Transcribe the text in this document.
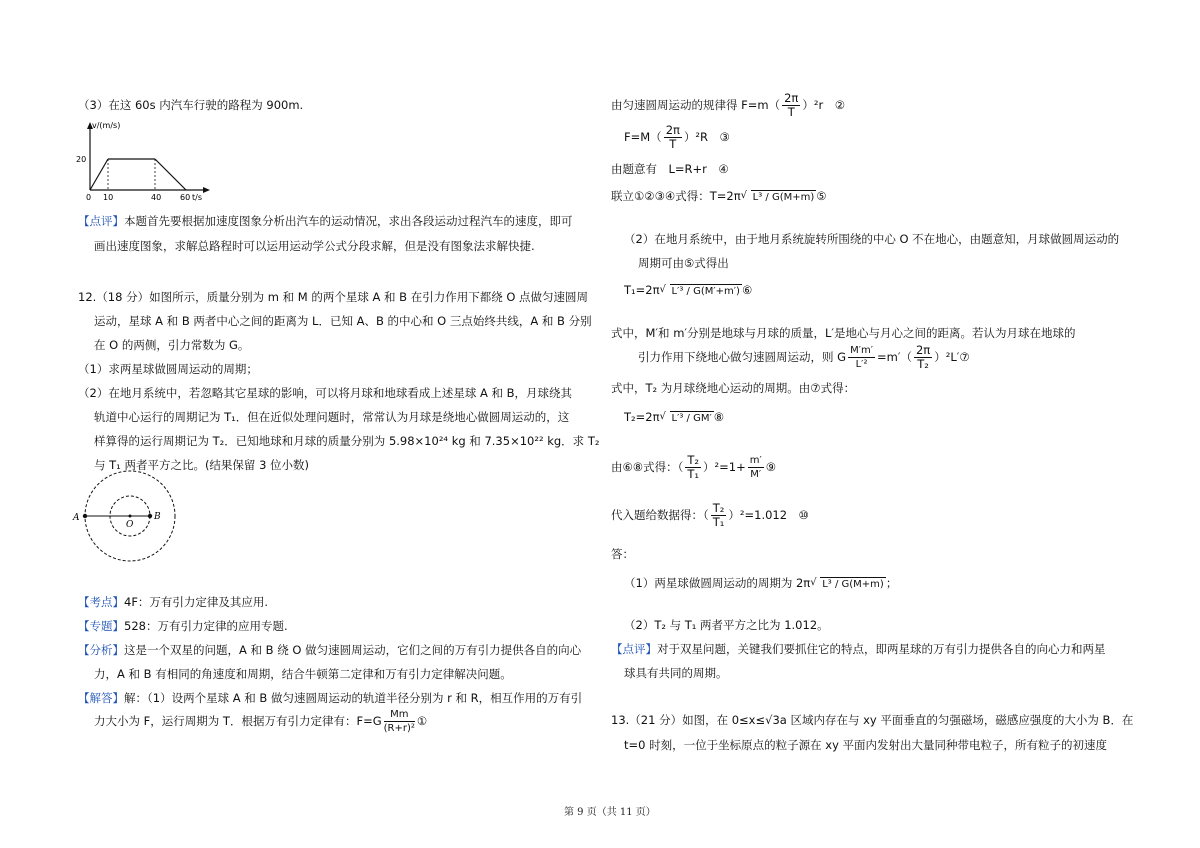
（3）在这 60s 内汽车行驶的路程为 900m.
v/(m/s)
20
0 10	40 60 t/s
【点评】本题首先要根据加速度图象分析出汽车的运动情况，求出各段运动过程汽车的速度，即可
画出速度图象，求解总路程时可以运用运动学公式分段求解，但是没有图象法求解快捷.
12.（18 分）如图所示，质量分别为 m 和 M 的两个星球 A 和 B 在引力作用下都绕 O 点做匀速圆周
运动，星球 A 和 B 两者中心之间的距离为 L．已知 A、B 的中心和 O 三点始终共线，A 和 B 分别
在 O 的两侧，引力常数为 G。
（1）求两星球做圆周运动的周期；
（2）在地月系统中，若忽略其它星球的影响，可以将月球和地球看成上述星球 A 和 B，月球绕其
轨道中心运行的周期记为 T₁．但在近似处理问题时，常常认为月球是绕地心做圆周运动的，这
样算得的运行周期记为 T₂．已知地球和月球的质量分别为 5.98×10²⁴ kg 和 7.35×10²² kg．求 T₂
与 T₁ 两者平方之比。(结果保留 3 位小数)
A
O
B
【考点】4F：万有引力定律及其应用.
【专题】528：万有引力定律的应用专题.
【分析】这是一个双星的问题，A 和 B 绕 O 做匀速圆周运动，它们之间的万有引力提供各自的向心
力，A 和 B 有相同的角速度和周期，结合牛顿第二定律和万有引力定律解决问题。
【解答】解：（1）设两个星球 A 和 B 做匀速圆周运动的轨道半径分别为 r 和 R，相互作用的万有引
力大小为 F，运行周期为 T．根据万有引力定律有：$F=G \frac{Mm}{\text{(R+r)²}}$ ①
由匀速圆周运动的规律得 $F=m( \frac{2\pi}{T} )^2r$　②
$F=M( \frac{2\pi}{T} )^2R$　③
由题意有　L=R+r　④
联立①②③④式得：T=2π √ L³ / G(M+m) ⑤
（2）在地月系统中，由于地月系统旋转所围绕的中心 O 不在地心，由题意知，月球做圆周运动的
周期可由⑤式得出
T₁=2π √ L′³ / G(M′+m′) ⑥
式中，M′和 m′分别是地球与月球的质量，L′是地心与月心之间的距离。若认为月球在地球的
引力作用下绕地心做匀速圆周运动，则 G $\frac{M'm'}{\text{L′²}} =m'( \frac{2\pi}{\text{T₂}}$ ）²L′⑦
式中，T₂ 为月球绕地心运动的周期。由⑦式得：
T₂=2π √ L′³ / GM′ ⑧
由⑥⑧式得：（ $\frac{\text{T₂}}{\text{T₁}} )^2=1+ \frac{m'}{M'}$ ⑨
代入题给数据得：（ $\frac{\text{T₂}}{\text{T₁}} )^2=1.012$　⑩
答：
（1）两星球做圆周运动的周期为 2π √ L³ / G(M+m) ；
（2）T₂ 与 T₁ 两者平方之比为 1.012。
【点评】对于双星问题，关键我们要抓住它的特点，即两星球的万有引力提供各自的向心力和两星
球具有共同的周期。
13.（21 分）如图，在 0≤x≤√3a 区域内存在与 xy 平面垂直的匀强磁场，磁感应强度的大小为 B．在
t=0 时刻，一位于坐标原点的粒子源在 xy 平面内发射出大量同种带电粒子，所有粒子的初速度
第 9 页（共 11 页）
